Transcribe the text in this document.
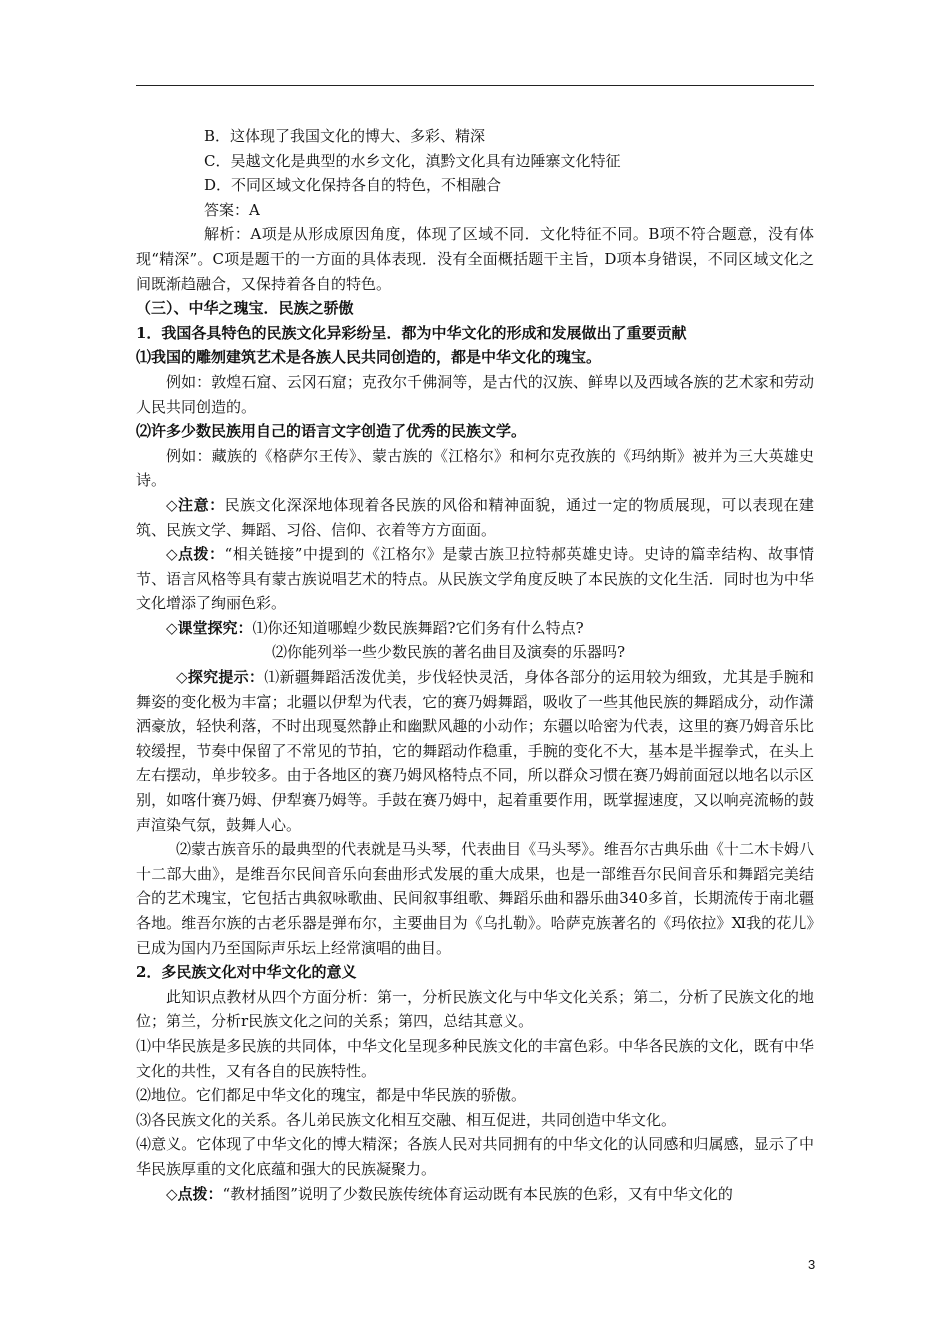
B．这体现了我国文化的博大、多彩、精深

C．吴越文化是典型的水乡文化，滇黔文化具有边陲寨文化特征

D．不同区域文化保持各自的特色，不相融合

答案：A

解析：A项是从形成原因角度，体现了区域不同．文化特征不同。B项不符合题意，没有体现“精深”。C项是题干的一方面的具体表现．没有全面概括题干主旨，D项本身错误，不同区域文化之间既渐趋融合，又保持着各自的特色。

（三）、中华之瑰宝．民族之骄傲

1．我国各具特色的民族文化异彩纷呈．都为中华文化的形成和发展做出了重要贡献

⑴我国的雕刎建筑艺术是各族人民共同创造的，都是中华文化的瑰宝。

例如：敦煌石窟、云冈石窟；克孜尔千佛洞等，是古代的汉族、鲜卑以及西域各族的艺术家和劳动人民共同创造的。

⑵许多少数民族用自己的语言文字创造了优秀的民族文学。

例如：藏族的《格萨尔王传》、蒙古族的《江格尔》和柯尔克孜族的《玛纳斯》被并为三大英雄史诗。

◇注意：民族文化深深地体现着各民族的风俗和精神面貌，通过一定的物质展现，可以表现在建筑、民族文学、舞蹈、习俗、信仰、衣着等方方面面。

◇点拨：“相关链接”中提到的《江格尔》是蒙古族卫拉特郝英雄史诗。史诗的篇幸结构、故事情节、语言风格等具有蒙古族说唱艺术的特点。从民族文学角度反映了本民族的文化生活．同时也为中华文化增添了绚丽色彩。

◇课堂探究：⑴你还知道哪蝗少数民族舞蹈?它们务有什么特点?

⑵你能列举一些少数民族的著名曲目及演奏的乐器吗?

◇探究提示：⑴新疆舞蹈活泼优美，步伐轻快灵活，身体各部分的运用较为细致，尤其是手腕和舞姿的变化极为丰富；北疆以伊犁为代表，它的赛乃姆舞蹈，吸收了一些其他民族的舞蹈成分，动作潇洒豪放，轻快利落，不时出现戛然静止和幽默风趣的小动作；东疆以哈密为代表，这里的赛乃姆音乐比较缓捏，节奏中保留了不常见的节拍，它的舞蹈动作稳重，手腕的变化不大，基本是半握拳式，在头上左右摆动，单步较多。由于各地区的赛乃姆风格特点不同，所以群众习惯在赛乃姆前面冠以地名以示区别，如喀什赛乃姆、伊犁赛乃姆等。手鼓在赛乃姆中，起着重要作用，既掌握速度，又以响亮流畅的鼓声渲染气氛，鼓舞人心。

⑵蒙古族音乐的最典型的代表就是马头琴，代表曲目《马头琴》。维吾尔古典乐曲《十二木卡姆八十二部大曲》，是维吾尔民间音乐向套曲形式发展的重大成果，也是一部维吾尔民间音乐和舞蹈完美结合的艺术瑰宝，它包括古典叙咏歌曲、民间叙事组歌、舞蹈乐曲和器乐曲340多首，长期流传于南北疆各地。维吾尔族的古老乐器是弹布尔，主要曲目为《乌扎勒》。哈萨克族著名的《玛依拉》Ⅺ我的花儿》已成为国内乃至国际声乐坛上经常演唱的曲目。

2．多民族文化对中华文化的意义

此知识点教材从四个方面分析：第一，分析民族文化与中华文化关系；第二，分析了民族文化的地位；第兰，分析r民族文化之问的关系；第四，总结其意义。

⑴中华民族是多民族的共同体，中华文化呈现多种民族文化的丰富色彩。中华各民族的文化，既有中华文化的共性，又有各自的民族特性。

⑵地位。它们都足中华文化的瑰宝，都是中华民族的骄傲。

⑶各民族文化的关系。各儿弟民族文化相互交融、相互促进，共同创造中华文化。

⑷意义。它体现了中华文化的博大精深；各族人民对共同拥有的中华文化的认同感和归属感，显示了中华民族厚重的文化底蕴和强大的民族凝聚力。

◇点拨：“教材插图”说明了少数民族传统体育运动既有本民族的色彩，又有中华文化的

3
